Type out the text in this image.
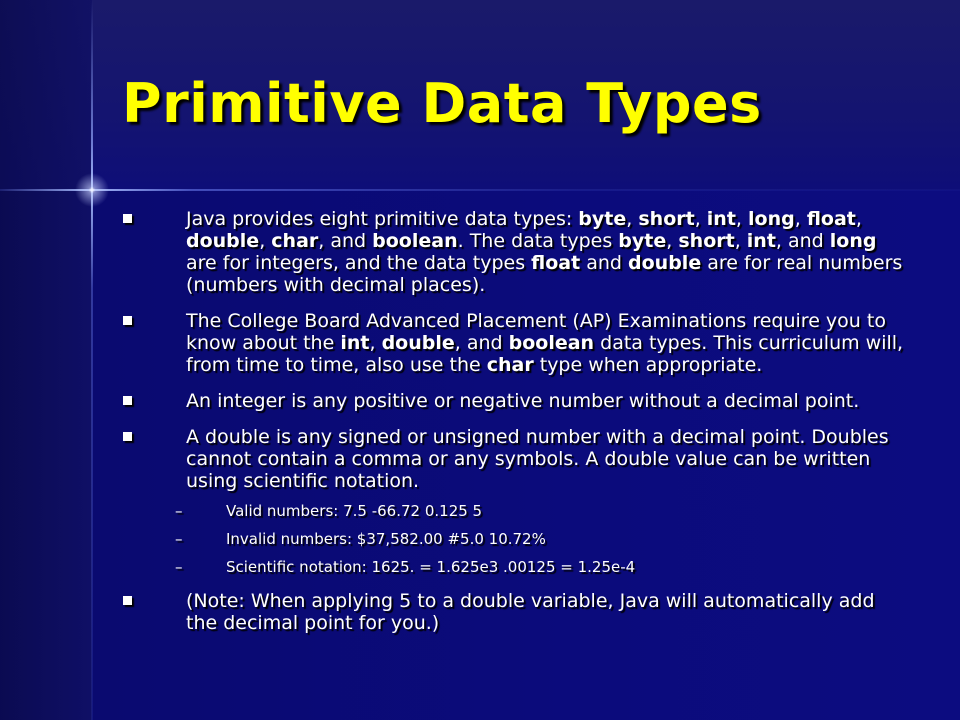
Primitive Data Types
Java provides eight primitive data types: byte, short, int, long, float, double, char, and boolean. The data types byte, short, int, and long are for integers, and the data types float and double are for real numbers (numbers with decimal places).
The College Board Advanced Placement (AP) Examinations require you to know about the int, double, and boolean data types. This curriculum will, from time to time, also use the char type when appropriate.
An integer is any positive or negative number without a decimal point.
A double is any signed or unsigned number with a decimal point. Doubles cannot contain a comma or any symbols. A double value can be written using scientific notation.
–	Valid numbers: 7.5 -66.72 0.125 5
–	Invalid numbers: $37,582.00 #5.0 10.72%
–	Scientific notation: 1625. = 1.625e3 .00125 = 1.25e-4
(Note: When applying 5 to a double variable, Java will automatically add the decimal point for you.)
